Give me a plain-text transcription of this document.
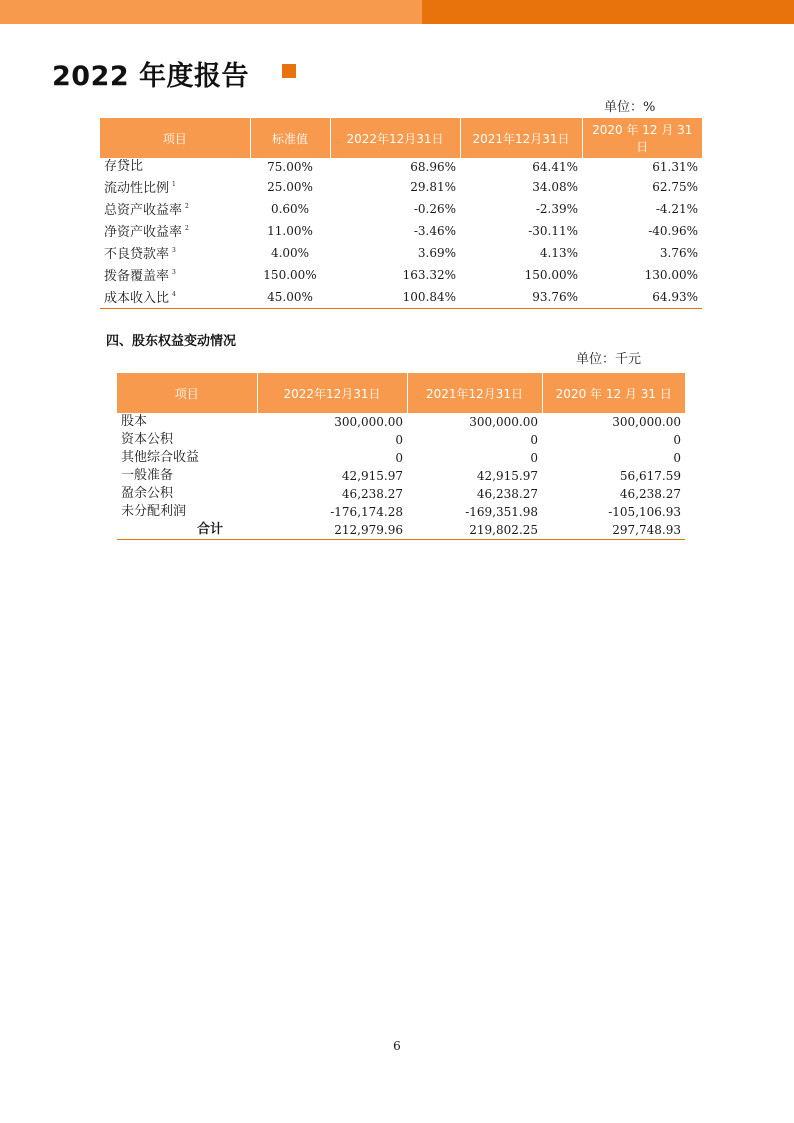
2022 年度报告
单位：%
项目	标准值	2022年12月31日	2021年12月31日	2020 年 12 月 31 日
存贷比	75.00%	68.96%	64.41%	61.31%
流动性比例 $^1$	25.00%	29.81%	34.08%	62.75%
总资产收益率 $^2$	0.60%	-0.26%	-2.39%	-4.21%
净资产收益率 $^2$	11.00%	-3.46%	-30.11%	-40.96%
不良贷款率 $^3$	4.00%	3.69%	4.13%	3.76%
拨备覆盖率 $^3$	150.00%	163.32%	150.00%	130.00%
成本收入比 $^4$	45.00%	100.84%	93.76%	64.93%
四、股东权益变动情况
单位：千元
项目	2022年12月31日	2021年12月31日	2020 年 12 月 31 日
股本	300,000.00	300,000.00	300,000.00
资本公积	0	0	0
其他综合收益	0	0	0
一般准备	42,915.97	42,915.97	56,617.59
盈余公积	46,238.27	46,238.27	46,238.27
未分配利润	-176,174.28	-169,351.98	-105,106.93
合计	212,979.96	219,802.25	297,748.93
6
